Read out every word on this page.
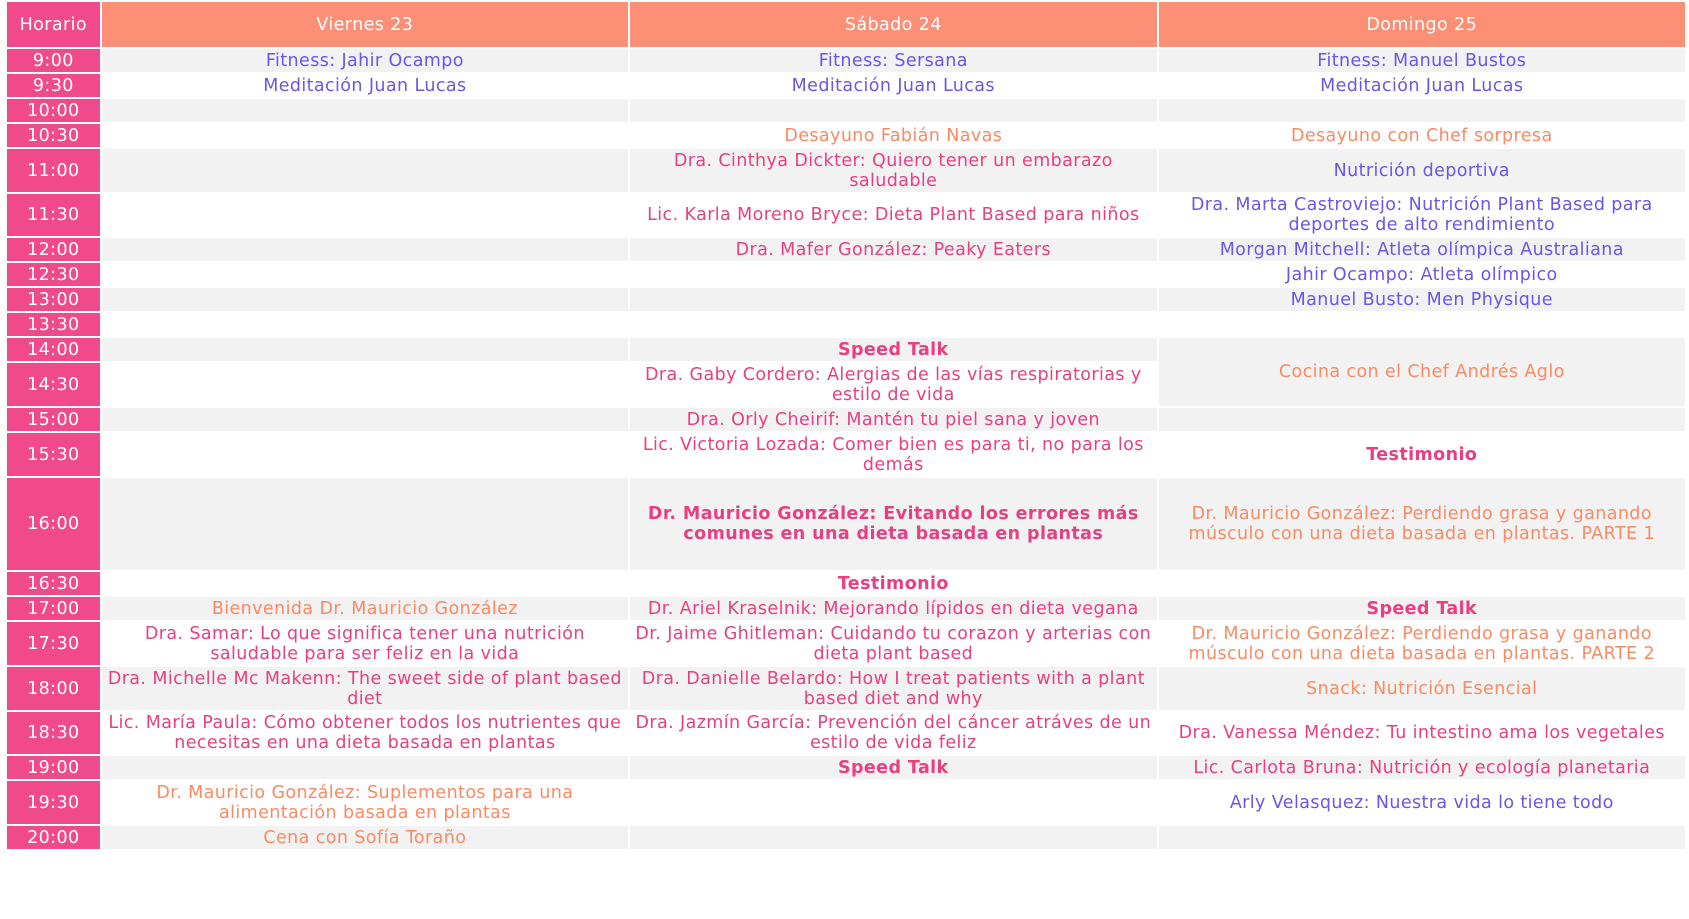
Horario	Viernes 23	Sábado 24	Domingo 25
9:00	Fitness: Jahir Ocampo	Fitness: Sersana	Fitness: Manuel Bustos
9:30	Meditación Juan Lucas	Meditación Juan Lucas	Meditación Juan Lucas
10:00			
10:30		Desayuno Fabián Navas	Desayuno con Chef sorpresa
11:00		Dra. Cinthya Dickter: Quiero tener un embarazo saludable	Nutrición deportiva
11:30		Lic. Karla Moreno Bryce: Dieta Plant Based para niños	Dra. Marta Castroviejo: Nutrición Plant Based para deportes de alto rendimiento
12:00		Dra. Mafer González: Peaky Eaters	Morgan Mitchell: Atleta olímpica Australiana
12:30			Jahir Ocampo: Atleta olímpico
13:00			Manuel Busto: Men Physique
13:30			
14:00		Speed Talk	Cocina con el Chef Andrés Aglo
14:30		Dra. Gaby Cordero: Alergias de las vías respiratorias y estilo de vida	
15:00		Dra. Orly Cheirif: Mantén tu piel sana y joven	
15:30		Lic. Victoria Lozada: Comer bien es para ti, no para los demás	Testimonio
16:00		Dr. Mauricio González: Evitando los errores más comunes en una dieta basada en plantas	Dr. Mauricio González: Perdiendo grasa y ganando músculo con una dieta basada en plantas. PARTE 1
16:30		Testimonio	
17:00	Bienvenida Dr. Mauricio González	Dr. Ariel Kraselnik: Mejorando lípidos en dieta vegana	Speed Talk
17:30	Dra. Samar: Lo que significa tener una nutrición saludable para ser feliz en la vida	Dr. Jaime Ghitleman: Cuidando tu corazon y arterias con dieta plant based	Dr. Mauricio González: Perdiendo grasa y ganando músculo con una dieta basada en plantas. PARTE 2
18:00	Dra. Michelle Mc Makenn: The sweet side of plant based diet	Dra. Danielle Belardo: How I treat patients with a plant based diet and why	Snack: Nutrición Esencial
18:30	Lic. María Paula: Cómo obtener todos los nutrientes que necesitas en una dieta basada en plantas	Dra. Jazmín García: Prevención del cáncer atráves de un estilo de vida feliz	Dra. Vanessa Méndez: Tu intestino ama los vegetales
19:00		Speed Talk	Lic. Carlota Bruna: Nutrición y ecología planetaria
19:30	Dr. Mauricio González: Suplementos para una alimentación basada en plantas		Arly Velasquez: Nuestra vida lo tiene todo
20:00	Cena con Sofía Toraño		
